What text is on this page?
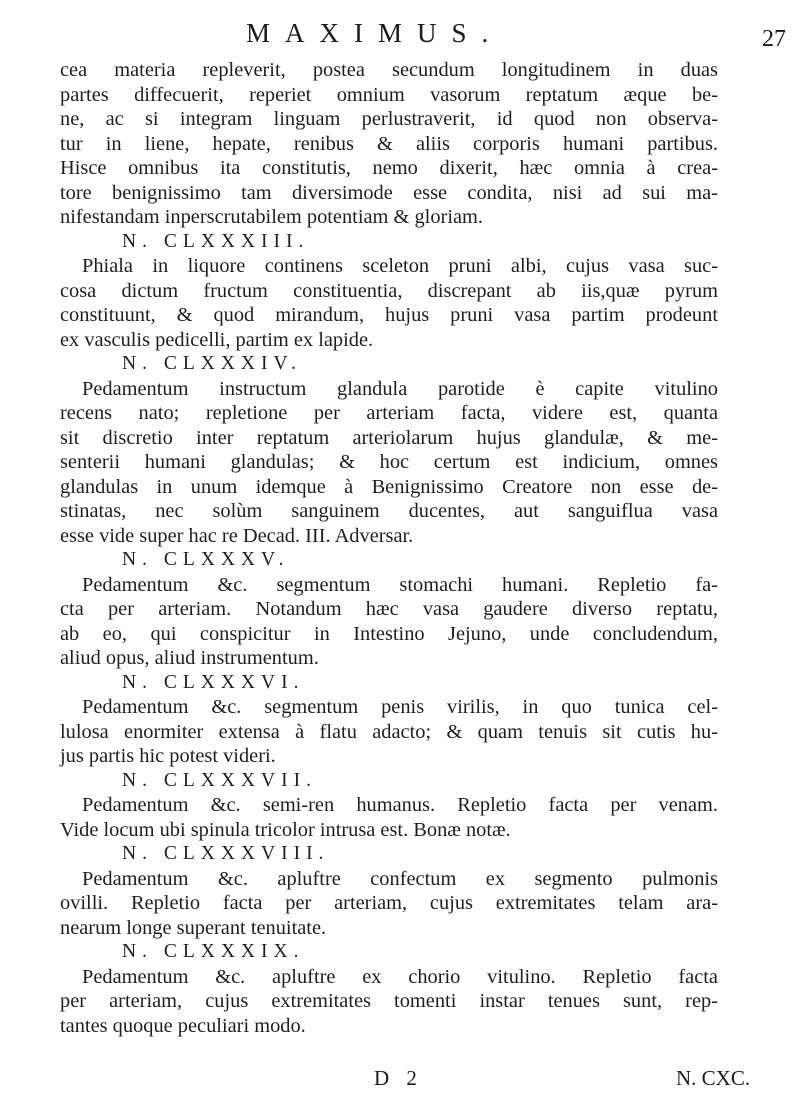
MAXIMUS.	27
cea materia repleverit, postea secundum longitudinem in duas
partes diffecuerit, reperiet omnium vasorum reptatum æque be-
ne, ac si integram linguam perlustraverit, id quod non observa-
tur in liene, hepate, renibus & aliis corporis humani partibus.
Hisce omnibus ita constitutis, nemo dixerit, hæc omnia à crea-
tore benignissimo tam diversimode esse condita, nisi ad sui ma-
nifestandam inperscrutabilem potentiam & gloriam.
N. CLXXXIII.
Phiala in liquore continens sceleton pruni albi, cujus vasa suc-
cosa dictum fructum constituentia, discrepant ab iis,quæ pyrum
constituunt, & quod mirandum, hujus pruni vasa partim prodeunt
ex vasculis pedicelli, partim ex lapide.
N. CLXXXIV.
Pedamentum instructum glandula parotide è capite vitulino
recens nato; repletione per arteriam facta, videre est, quanta
sit discretio inter reptatum arteriolarum hujus glandulæ, & me-
senterii humani glandulas; & hoc certum est indicium, omnes
glandulas in unum idemque à Benignissimo Creatore non esse de-
stinatas, nec solùm sanguinem ducentes, aut sanguiflua vasa
esse vide super hac re Decad. III. Adversar.
N. CLXXXV.
Pedamentum &c. segmentum stomachi humani. Repletio fa-
cta per arteriam. Notandum hæc vasa gaudere diverso reptatu,
ab eo, qui conspicitur in Intestino Jejuno, unde concludendum,
aliud opus, aliud instrumentum.
N. CLXXXVI.
Pedamentum &c. segmentum penis virilis, in quo tunica cel-
lulosa enormiter extensa à flatu adacto; & quam tenuis sit cutis hu-
jus partis hic potest videri.
N. CLXXXVII.
Pedamentum &c. semi-ren humanus. Repletio facta per venam.
Vide locum ubi spinula tricolor intrusa est. Bonæ notæ.
N. CLXXXVIII.
Pedamentum &c. apluftre confectum ex segmento pulmonis
ovilli. Repletio facta per arteriam, cujus extremitates telam ara-
nearum longe superant tenuitate.
N. CLXXXIX.
Pedamentum &c. apluftre ex chorio vitulino. Repletio facta
per arteriam, cujus extremitates tomenti instar tenues sunt, rep-
tantes quoque peculiari modo.
D 2	N. CXC.
